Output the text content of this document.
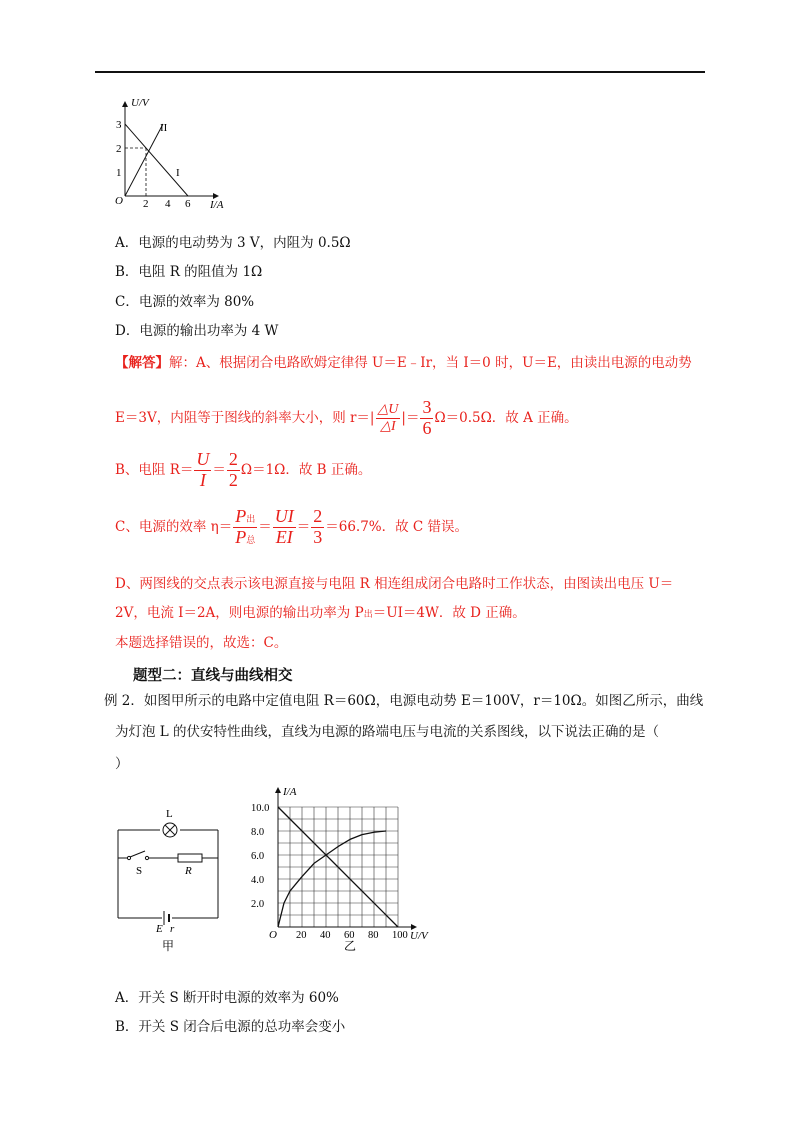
U/V
I/A
O
3
2
1
2 4 6
II
I
A．电源的电动势为 3 V，内阻为 0.5Ω
B．电阻 R 的阻值为 1Ω
C．电源的效率为 80%
D．电源的输出功率为 4 W
【解答】解：A、根据闭合电路欧姆定律得 U＝E﹣Ir，当 I＝0 时，U＝E，由读出电源的电动势
E＝3V，内阻等于图线的斜率大小，则 $r=| \frac{\triangle U}{\triangle I}$ |＝ $\frac{3}{6} \Omega=0.5\Omega$．故 A 正确。
B、电阻 $R= \frac{U}{I} = \frac{2}{2} \Omega=1\Omega$．故 B 正确。
C、电源的效率 $\eta= \frac{\text{P出}}{\text{P总}} = \frac{UI}{EI} = \frac{2}{3} =66.7\%$．故 C 错误。
D、两图线的交点表示该电源直接与电阻 R 相连组成闭合电路时工作状态，由图读出电压 U＝
2V，电流 I＝2A，则电源的输出功率为 P出＝UI＝4W．故 D 正确。
本题选择错误的，故选：C。
题型二：直线与曲线相交
例 2．如图甲所示的电路中定值电阻 R＝60Ω，电源电动势 E＝100V，r＝10Ω。如图乙所示，曲线
为灯泡 L 的伏安特性曲线，直线为电源的路端电压与电流的关系图线，以下说法正确的是（
）
L
S	R
E r
甲
10.0
8.0
6.0
4.0
2.0
20 40 60 80 100
I/A
U/V
O
乙
A．开关 S 断开时电源的效率为 60%
B．开关 S 闭合后电源的总功率会变小
